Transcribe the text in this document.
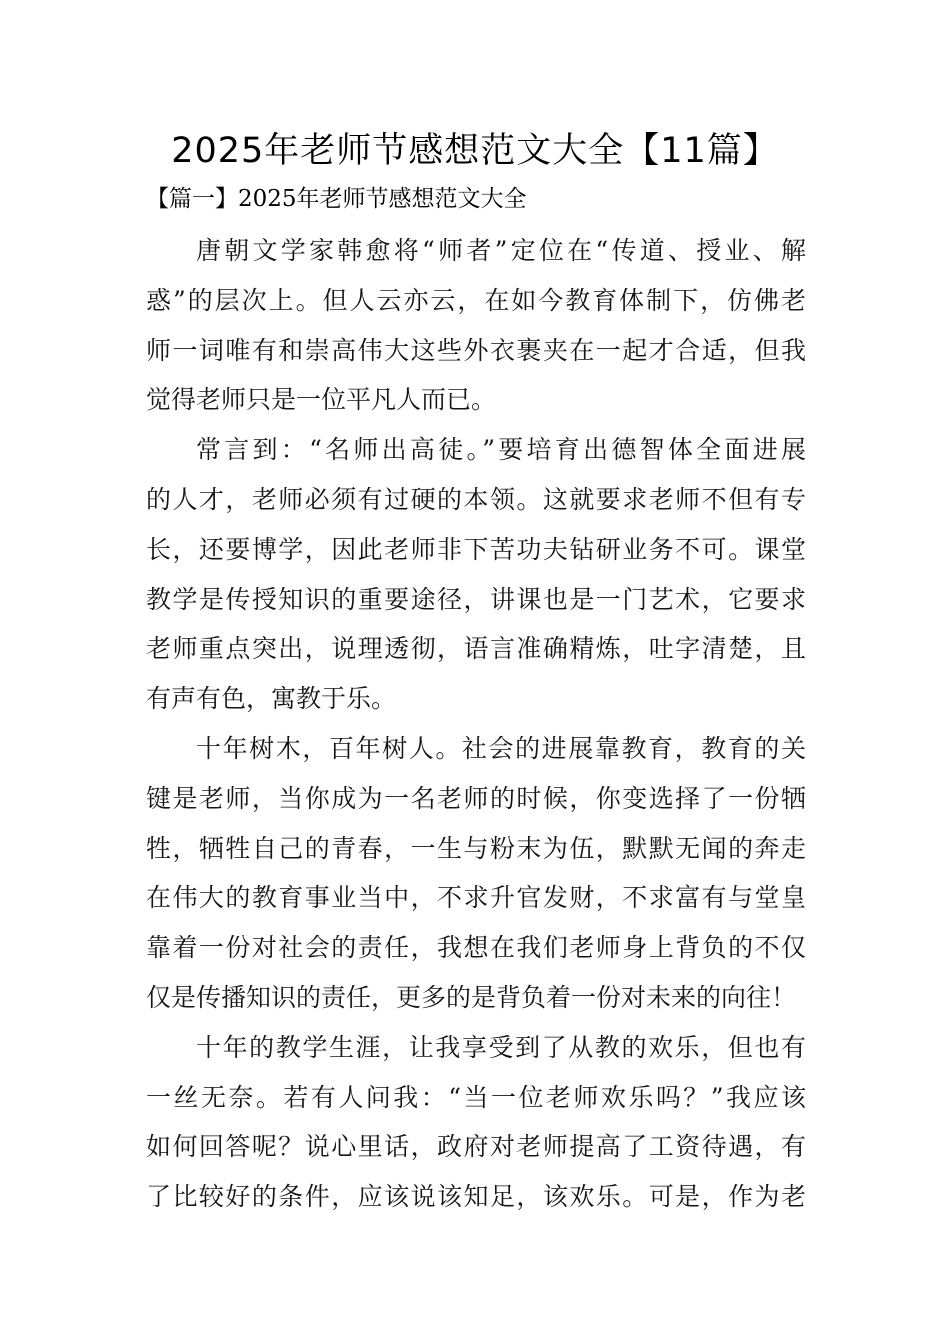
2025年老师节感想范文大全【11篇】
【篇一】2025年老师节感想范文大全
唐朝文学家韩愈将“师者”定位在“传道、授业、解
惑”的层次上。但人云亦云，在如今教育体制下，仿佛老
师一词唯有和崇高伟大这些外衣裹夹在一起才合适，但我
觉得老师只是一位平凡人而已。
常言到：“名师出高徒。”要培育出德智体全面进展
的人才，老师必须有过硬的本领。这就要求老师不但有专
长，还要博学，因此老师非下苦功夫钻研业务不可。课堂
教学是传授知识的重要途径，讲课也是一门艺术，它要求
老师重点突出，说理透彻，语言准确精炼，吐字清楚，且
有声有色，寓教于乐。
十年树木，百年树人。社会的进展靠教育，教育的关
键是老师，当你成为一名老师的时候，你变选择了一份牺
牲，牺牲自己的青春，一生与粉末为伍，默默无闻的奔走
在伟大的教育事业当中，不求升官发财，不求富有与堂皇
靠着一份对社会的责任，我想在我们老师身上背负的不仅
仅是传播知识的责任，更多的是背负着一份对未来的向往！
十年的教学生涯，让我享受到了从教的欢乐，但也有
一丝无奈。若有人问我：“当一位老师欢乐吗？”我应该
如何回答呢？说心里话，政府对老师提高了工资待遇，有
了比较好的条件，应该说该知足，该欢乐。可是，作为老
